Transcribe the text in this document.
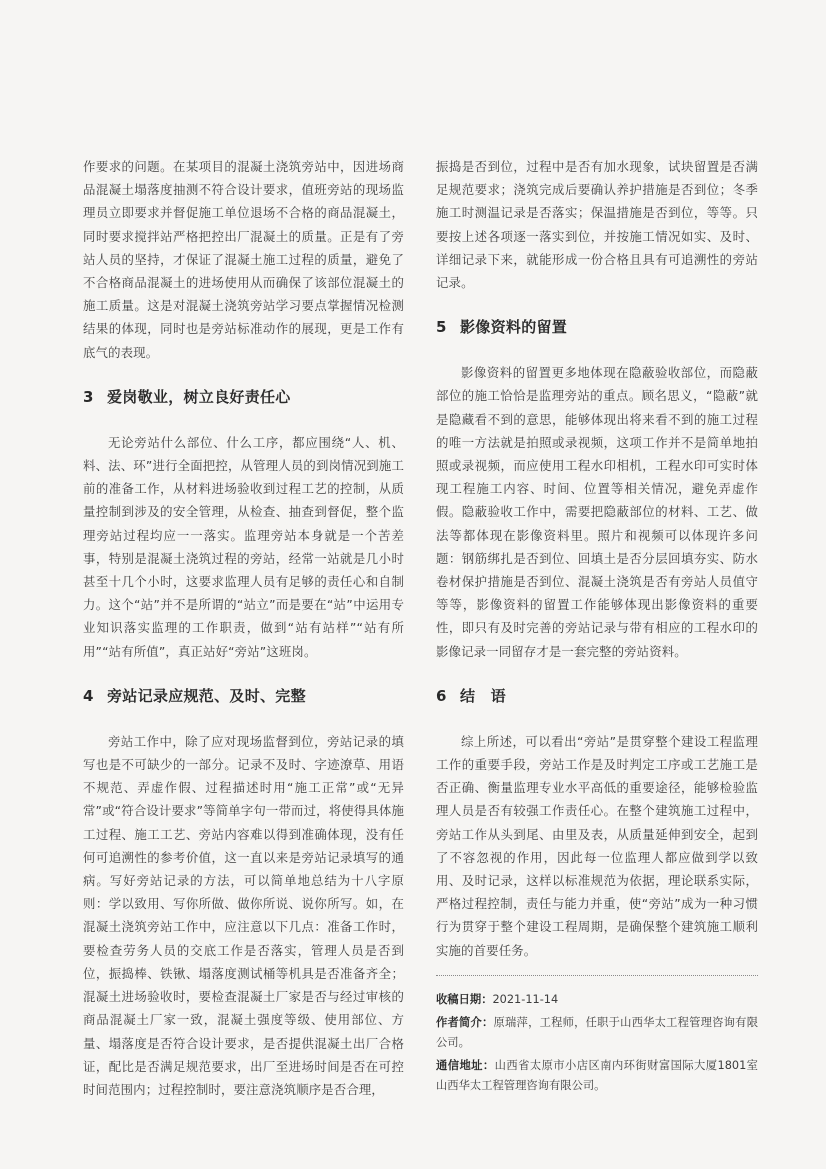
作要求的问题。在某项目的混凝土浇筑旁站中，因进场商品混凝土塌落度抽测不符合设计要求，值班旁站的现场监理员立即要求并督促施工单位退场不合格的商品混凝土，同时要求搅拌站严格把控出厂混凝土的质量。正是有了旁站人员的坚持，才保证了混凝土施工过程的质量，避免了不合格商品混凝土的进场使用从而确保了该部位混凝土的施工质量。这是对混凝土浇筑旁站学习要点掌握情况检测结果的体现，同时也是旁站标准动作的展现，更是工作有底气的表现。

3 爱岗敬业，树立良好责任心

无论旁站什么部位、什么工序，都应围绕“人、机、料、法、环”进行全面把控，从管理人员的到岗情况到施工前的准备工作，从材料进场验收到过程工艺的控制，从质量控制到涉及的安全管理，从检查、抽查到督促，整个监理旁站过程均应一一落实。监理旁站本身就是一个苦差事，特别是混凝土浇筑过程的旁站，经常一站就是几小时甚至十几个小时，这要求监理人员有足够的责任心和自制力。这个“站”并不是所谓的“站立”而是要在“站”中运用专业知识落实监理的工作职责，做到“站有站样”“站有所用”“站有所值”，真正站好“旁站”这班岗。

4 旁站记录应规范、及时、完整

旁站工作中，除了应对现场监督到位，旁站记录的填写也是不可缺少的一部分。记录不及时、字迹潦草、用语不规范、弄虚作假、过程描述时用“施工正常”或“无异常”或“符合设计要求”等简单字句一带而过，将使得具体施工过程、施工工艺、旁站内容难以得到准确体现，没有任何可追溯性的参考价值，这一直以来是旁站记录填写的通病。写好旁站记录的方法，可以简单地总结为十八字原则：学以致用、写你所做、做你所说、说你所写。如，在混凝土浇筑旁站工作中，应注意以下几点：准备工作时，要检查劳务人员的交底工作是否落实，管理人员是否到位，振捣棒、铁锹、塌落度测试桶等机具是否准备齐全；混凝土进场验收时，要检查混凝土厂家是否与经过审核的商品混凝土厂家一致，混凝土强度等级、使用部位、方量、塌落度是否符合设计要求，是否提供混凝土出厂合格证，配比是否满足规范要求，出厂至进场时间是否在可控时间范围内；过程控制时，要注意浇筑顺序是否合理，

振捣是否到位，过程中是否有加水现象，试块留置是否满足规范要求；浇筑完成后要确认养护措施是否到位；冬季施工时测温记录是否落实；保温措施是否到位，等等。只要按上述各项逐一落实到位，并按施工情况如实、及时、详细记录下来，就能形成一份合格且具有可追溯性的旁站记录。

5 影像资料的留置

影像资料的留置更多地体现在隐蔽验收部位，而隐蔽部位的施工恰恰是监理旁站的重点。顾名思义，“隐蔽”就是隐藏看不到的意思，能够体现出将来看不到的施工过程的唯一方法就是拍照或录视频，这项工作并不是简单地拍照或录视频，而应使用工程水印相机，工程水印可实时体现工程施工内容、时间、位置等相关情况，避免弄虚作假。隐蔽验收工作中，需要把隐蔽部位的材料、工艺、做法等都体现在影像资料里。照片和视频可以体现许多问题：钢筋绑扎是否到位、回填土是否分层回填夯实、防水卷材保护措施是否到位、混凝土浇筑是否有旁站人员值守等等，影像资料的留置工作能够体现出影像资料的重要性，即只有及时完善的旁站记录与带有相应的工程水印的影像记录一同留存才是一套完整的旁站资料。

6 结　语

综上所述，可以看出“旁站”是贯穿整个建设工程监理工作的重要手段，旁站工作是及时判定工序或工艺施工是否正确、衡量监理专业水平高低的重要途径，能够检验监理人员是否有较强工作责任心。在整个建筑施工过程中，旁站工作从头到尾、由里及表，从质量延伸到安全，起到了不容忽视的作用，因此每一位监理人都应做到学以致用、及时记录，这样以标准规范为依据，理论联系实际，严格过程控制，责任与能力并重，使“旁站”成为一种习惯行为贯穿于整个建设工程周期，是确保整个建筑施工顺利实施的首要任务。

收稿日期：2021-11-14

作者简介：原瑞萍，工程师，任职于山西华太工程管理咨询有限公司。

通信地址：山西省太原市小店区南内环街财富国际大厦1801室 山西华太工程管理咨询有限公司。
